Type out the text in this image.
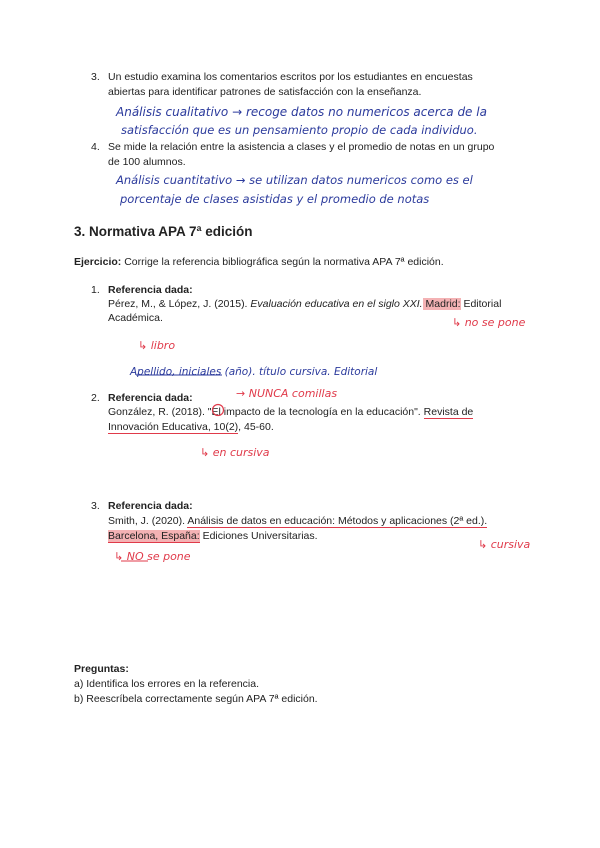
3. Un estudio examina los comentarios escritos por los estudiantes en encuestas
abiertas para identificar patrones de satisfacción con la enseñanza.
Análisis cualitativo → recoge datos no numericos acerca de la
satisfacción que es un pensamiento propio de cada individuo.
4. Se mide la relación entre la asistencia a clases y el promedio de notas en un grupo
de 100 alumnos.
Análisis cuantitativo → se utilizan datos numericos como es el
porcentaje de clases asistidas y el promedio de notas
3. Normativa APA 7ª edición
Ejercicio: Corrige la referencia bibliográfica según la normativa APA 7ª edición.
1. Referencia dada:
Pérez, M., & López, J. (2015). Evaluación educativa en el siglo XXI. Madrid: Editorial
Académica.	↳ no se pone
↳ libro
Apellido, iniciales (año). título cursiva. Editorial
2. Referencia dada:	→ NUNCA comillas
González, R. (2018). "El impacto de la tecnología en la educación". Revista de
Innovación Educativa, 10(2), 45-60.
↳ en cursiva
3. Referencia dada:
Smith, J. (2020). Análisis de datos en educación: Métodos y aplicaciones (2ª ed.).
Barcelona, España: Ediciones Universitarias.
↳ cursiva
↳ NO se pone
Preguntas:
a) Identifica los errores en la referencia.
b) Reescríbela correctamente según APA 7ª edición.
